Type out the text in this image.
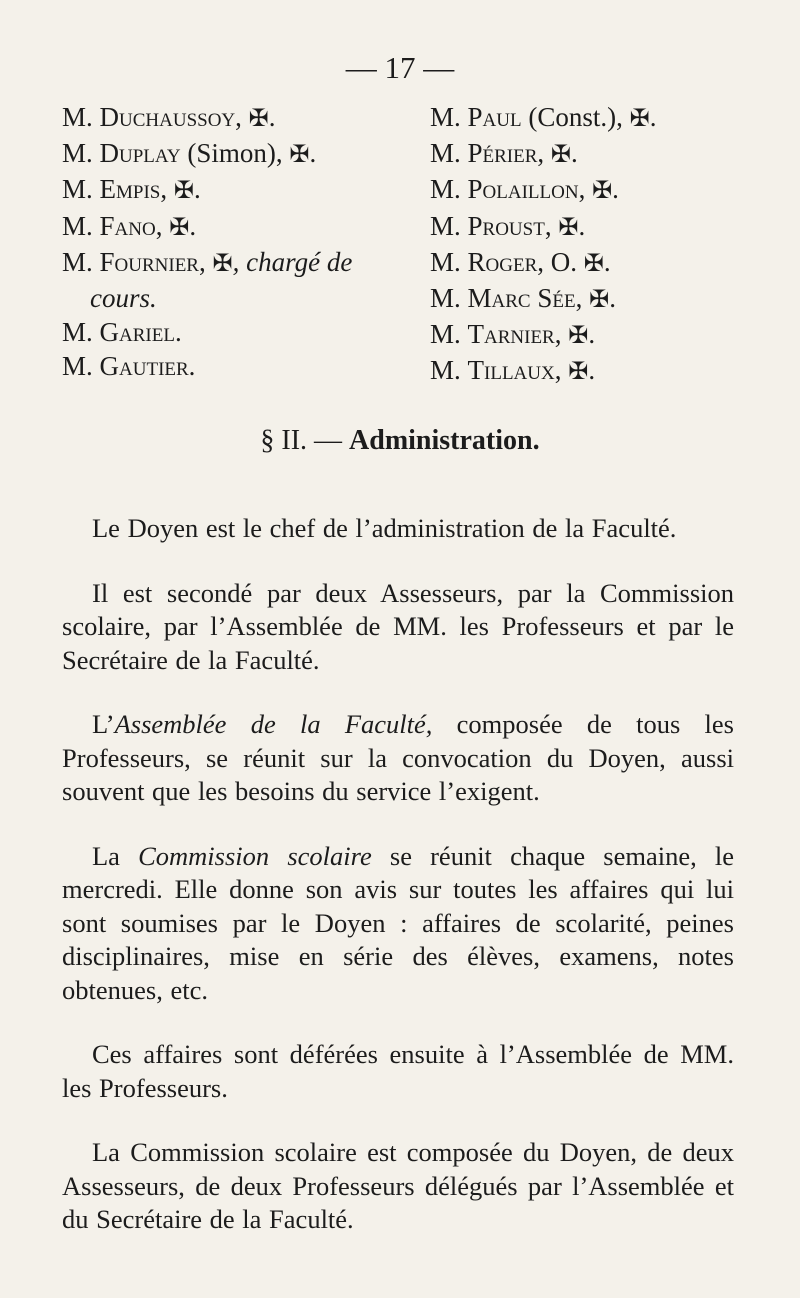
— 17 —
M. Duchaussoy, ✠.
M. Duplay (Simon), ✠.
M. Empis, ✠.
M. Fano, ✠.
M. Fournier, ✠, chargé de
cours.
M. Gariel.
M. Gautier.
M. Paul (Const.), ✠.
M. Périer, ✠.
M. Polaillon, ✠.
M. Proust, ✠.
M. Roger, O. ✠.
M. Marc Sée, ✠.
M. Tarnier, ✠.
M. Tillaux, ✠.
§ II. — Administration.

Le Doyen est le chef de l’administration de la Faculté.

Il est secondé par deux Assesseurs, par la Commission scolaire, par l’Assemblée de MM. les Professeurs et par le Secrétaire de la Faculté.

L’Assemblée de la Faculté, composée de tous les Professeurs, se réunit sur la convocation du Doyen, aussi souvent que les besoins du service l’exigent.

La Commission scolaire se réunit chaque semaine, le mercredi. Elle donne son avis sur toutes les affaires qui lui sont soumises par le Doyen : affaires de scolarité, peines disciplinaires, mise en série des élèves, examens, notes obtenues, etc.

Ces affaires sont déférées ensuite à l’Assemblée de MM. les Professeurs.

La Commission scolaire est composée du Doyen, de deux Assesseurs, de deux Professeurs délégués par l’Assemblée et du Secrétaire de la Faculté.
